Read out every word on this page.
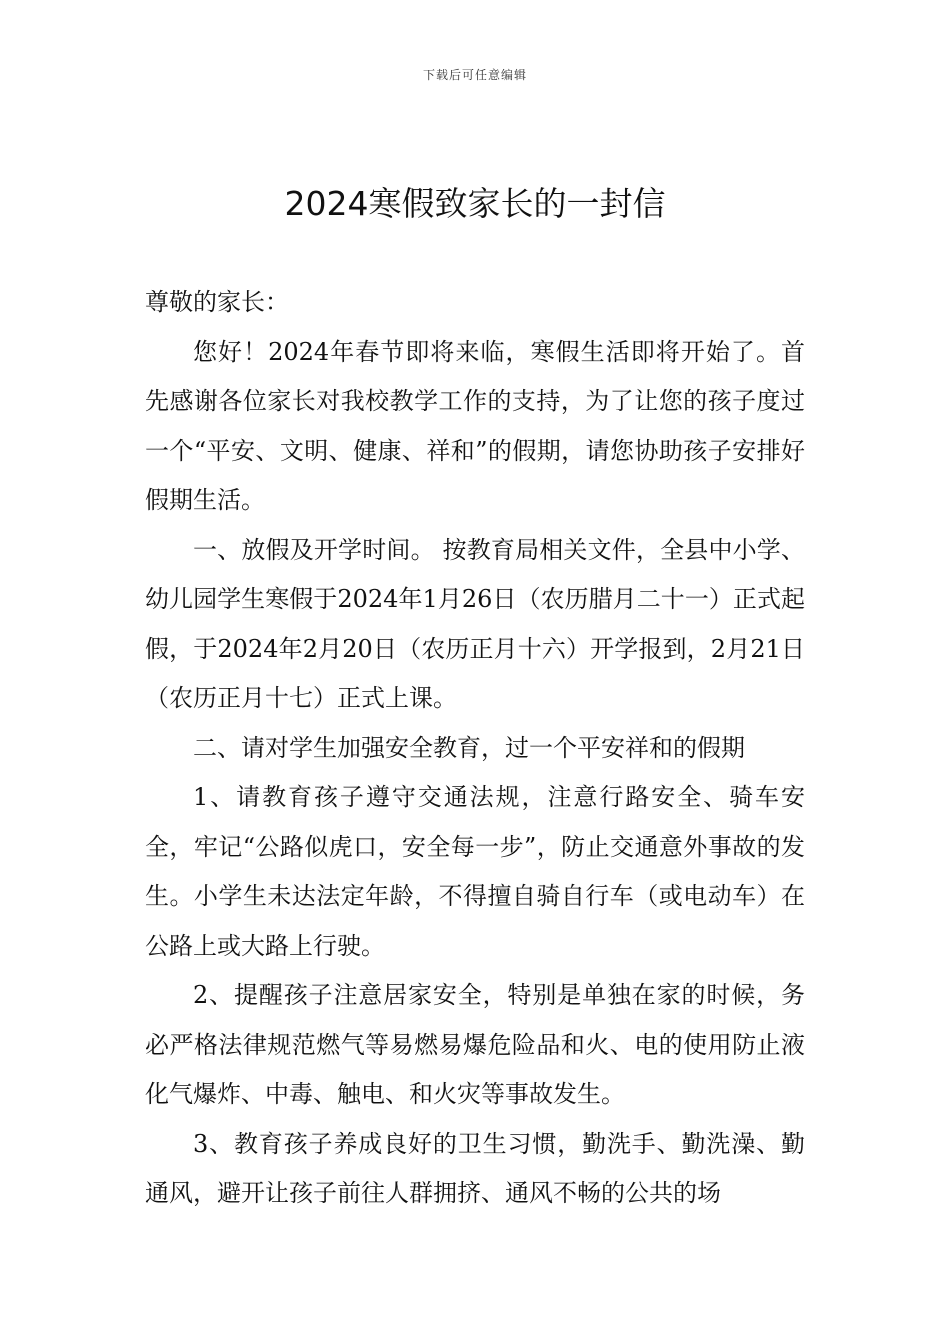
下载后可任意编辑
2024寒假致家长的一封信

尊敬的家长：

您好！2024年春节即将来临，寒假生活即将开始了。首先感谢各位家长对我校教学工作的支持，为了让您的孩子度过一个“平安、文明、健康、祥和”的假期，请您协助孩子安排好假期生活。

一、放假及开学时间。 按教育局相关文件，全县中小学、幼儿园学生寒假于2024年1月26日（农历腊月二十一）正式起假，于2024年2月20日（农历正月十六）开学报到，2月21日（农历正月十七）正式上课。

二、请对学生加强安全教育，过一个平安祥和的假期

1、请教育孩子遵守交通法规，注意行路安全、骑车安全，牢记“公路似虎口，安全每一步”，防止交通意外事故的发生。小学生未达法定年龄，不得擅自骑自行车（或电动车）在公路上或大路上行驶。

2、提醒孩子注意居家安全，特别是单独在家的时候，务必严格法律规范燃气等易燃易爆危险品和火、电的使用防止液化气爆炸、中毒、触电、和火灾等事故发生。

3、教育孩子养成良好的卫生习惯，勤洗手、勤洗澡、勤通风，避开让孩子前往人群拥挤、通风不畅的公共的场
